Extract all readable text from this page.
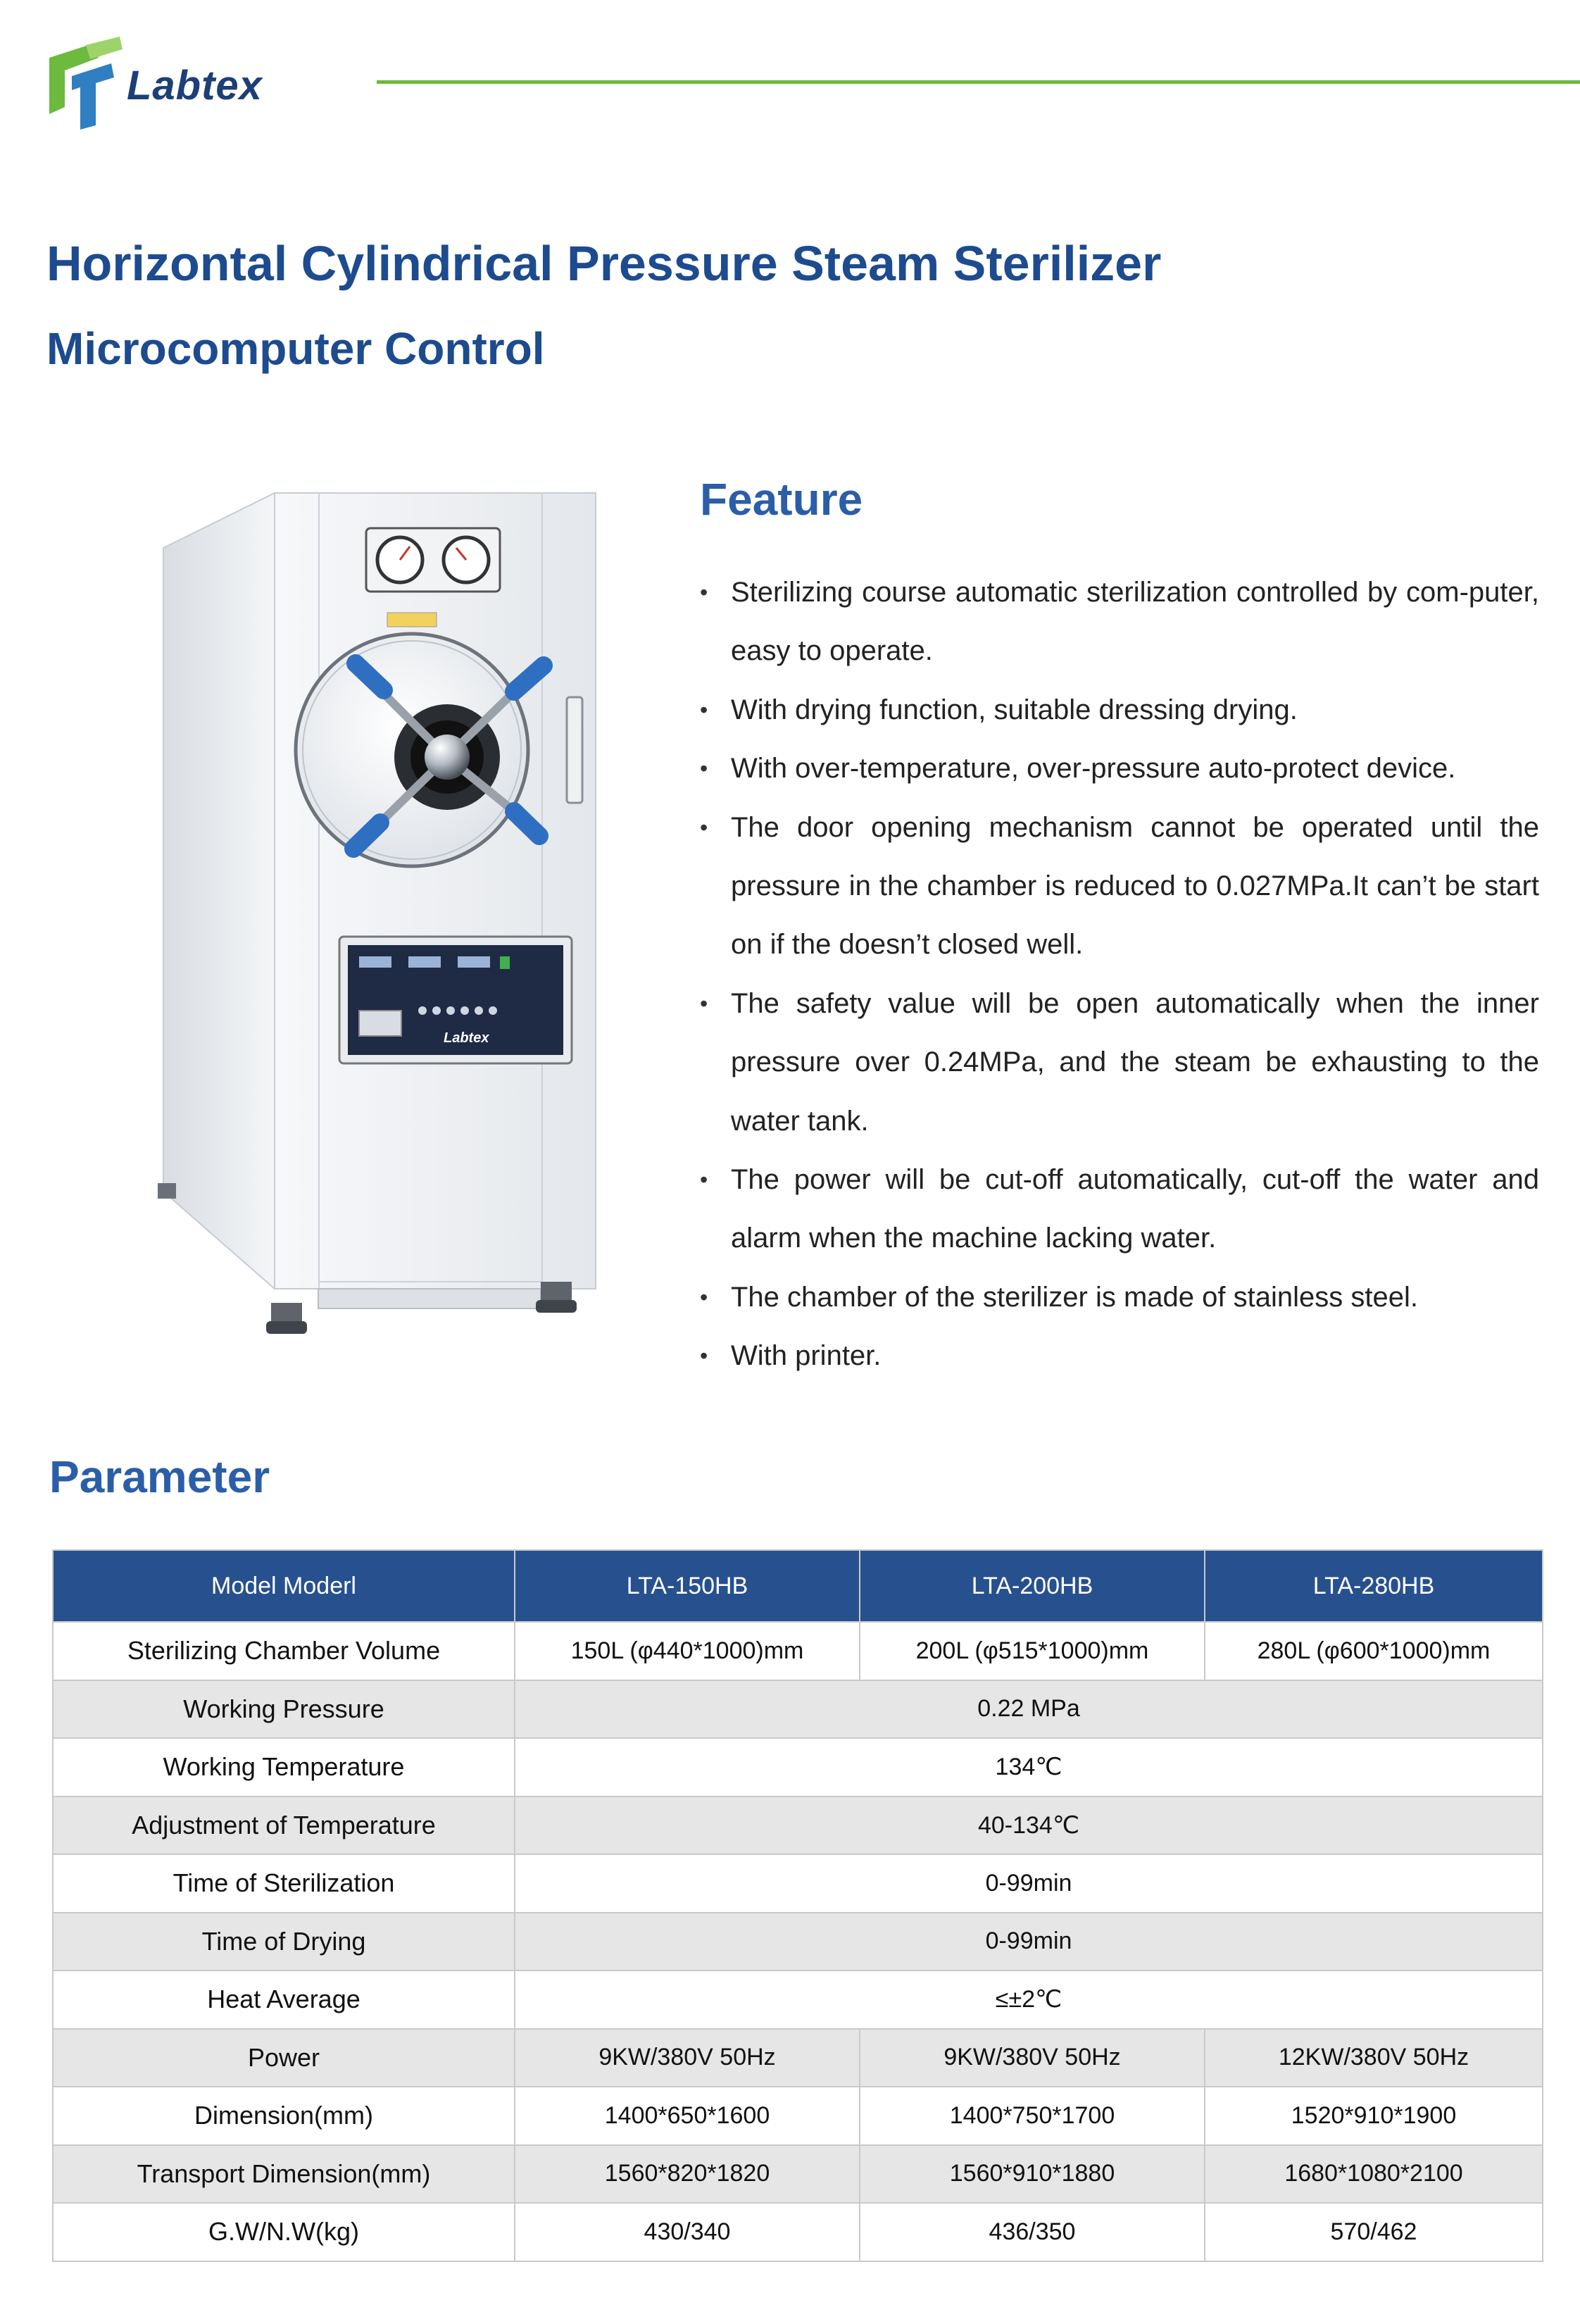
Labtex
Horizontal Cylindrical Pressure Steam Sterilizer
Microcomputer Control
Labtex
Feature
• Sterilizing course automatic sterilization controlled by com-puter, easy to operate.
• With drying function, suitable dressing drying.
• With over-temperature, over-pressure auto-protect device.
• The door opening mechanism cannot be operated until the pressure in the chamber is reduced to 0.027MPa.It can’t be start on if the doesn’t closed well.
• The safety value will be open automatically when the inner pressure over 0.24MPa, and the steam be exhausting to the water tank.
• The power will be cut-off automatically, cut-off the water and alarm when the machine lacking water.
• The chamber of the sterilizer is made of stainless steel.
• With printer.
Parameter
Model Moderl	LTA-150HB	LTA-200HB	LTA-280HB
Sterilizing Chamber Volume	150L (φ440*1000)mm	200L (φ515*1000)mm	280L (φ600*1000)mm
Working Pressure	0.22 MPa		
Working Temperature	134℃		
Adjustment of Temperature	40-134℃		
Time of Sterilization	0-99min		
Time of Drying	0-99min		
Heat Average	≤±2℃		
Power	9KW/380V 50Hz	9KW/380V 50Hz	12KW/380V 50Hz
Dimension(mm)	1400*650*1600	1400*750*1700	1520*910*1900
Transport Dimension(mm)	1560*820*1820	1560*910*1880	1680*1080*2100
G.W/N.W(kg)	430/340	436/350	570/462
